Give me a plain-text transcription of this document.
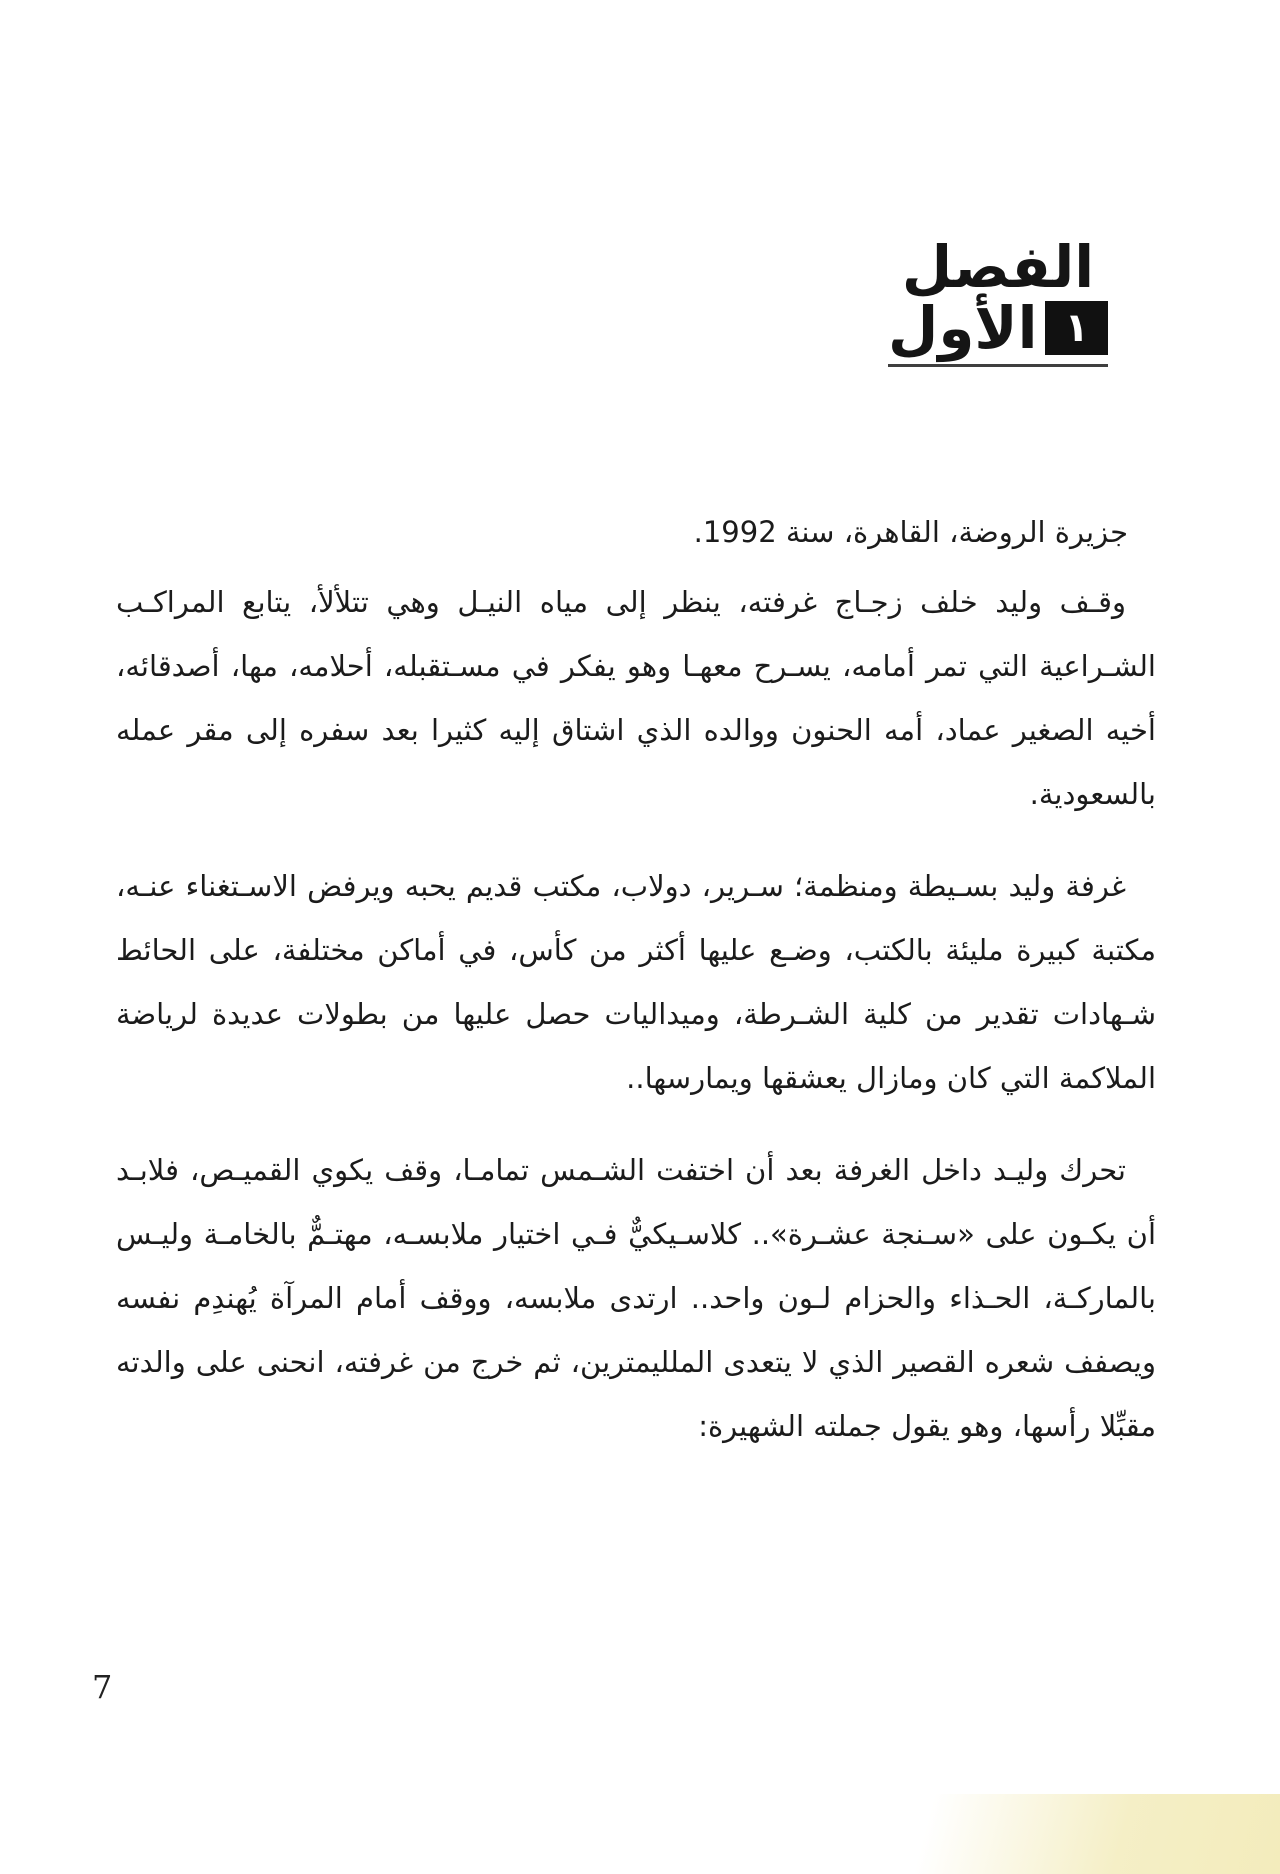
الفصل
١
الأول

جزيرة الروضة، القاهرة، سنة 1992.

وقـف وليد خلف زجـاج غرفته، ينظر إلى مياه النيـل وهي تتلألأ، يتابع المراكـب الشـراعية التي تمر أمامه، يسـرح معهـا وهو يفكر في مسـتقبله، أحلامه، مها، أصدقائه، أخيه الصغير عماد، أمه الحنون ووالده الذي اشتاق إليه كثيرا بعد سفره إلى مقر عمله بالسعودية.

غرفة وليد بسـيطة ومنظمة؛ سـرير، دولاب، مكتب قديم يحبه ويرفض الاسـتغناء عنـه، مكتبة كبيرة مليئة بالكتب، وضـع عليها أكثر من كأس، في أماكن مختلفة، على الحائط شـهادات تقدير من كلية الشـرطة، وميداليات حصل عليها من بطولات عديدة لرياضة الملاكمة التي كان ومازال يعشقها ويمارسها..

تحرك وليـد داخل الغرفة بعد أن اختفت الشـمس تمامـا، وقف يكوي القميـص، فلابـد أن يكـون على «سـنجة عشـرة».. كلاسـيكيٌّ فـي اختيار ملابسـه، مهتـمٌّ بالخامـة وليـس بالماركـة، الحـذاء والحزام لـون واحد.. ارتدى ملابسه، ووقف أمام المرآة يُهندِم نفسه ويصفف شعره القصير الذي لا يتعدى الملليمترين، ثم خرج من غرفته، انحنى على والدته مقبِّلا رأسها، وهو يقول جملته الشهيرة:

7
